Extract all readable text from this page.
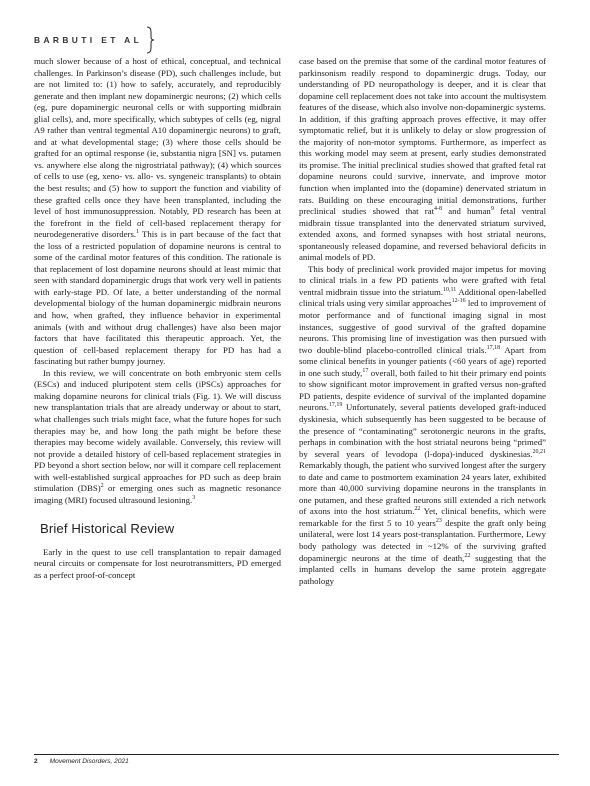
BARBUTI ET AL

much slower because of a host of ethical, conceptual, and technical challenges. In Parkinson’s disease (PD), such challenges include, but are not limited to: (1) how to safely, accurately, and reproducibly generate and then implant new dopaminergic neurons; (2) which cells (eg, pure dopaminergic neuronal cells or with supporting midbrain glial cells), and, more specifically, which subtypes of cells (eg, nigral A9 rather than ventral tegmental A10 dopaminergic neurons) to graft, and at what developmental stage; (3) where those cells should be grafted for an optimal response (ie, substantia nigra [SN] vs. putamen vs. anywhere else along the nigrostriatal pathway); (4) which sources of cells to use (eg, xeno- vs. allo- vs. syngeneic transplants) to obtain the best results; and (5) how to support the function and viability of these grafted cells once they have been transplanted, including the level of host immunosuppression. Notably, PD research has been at the forefront in the field of cell-based replacement therapy for neurodegenerative disorders.$^1$ This is in part because of the fact that the loss of a restricted population of dopamine neurons is central to some of the cardinal motor features of this condition. The rationale is that replacement of lost dopamine neurons should at least mimic that seen with standard dopaminergic drugs that work very well in patients with early-stage PD. Of late, a better understanding of the normal developmental biology of the human dopaminergic midbrain neurons and how, when grafted, they influence behavior in experimental animals (with and without drug challenges) have also been major factors that have facilitated this therapeutic approach. Yet, the question of cell-based replacement therapy for PD has had a fascinating but rather bumpy journey.

In this review, we will concentrate on both embryonic stem cells (ESCs) and induced pluripotent stem cells (iPSCs) approaches for making dopamine neurons for clinical trials (Fig. 1). We will discuss new transplantation trials that are already underway or about to start, what challenges such trials might face, what the future hopes for such therapies may be, and how long the path might be before these therapies may become widely available. Conversely, this review will not provide a detailed history of cell-based replacement strategies in PD beyond a short section below, nor will it compare cell replacement with well-established surgical approaches for PD such as deep brain stimulation (DBS)$^2$ or emerging ones such as magnetic resonance imaging (MRI) focused ultrasound lesioning.$^3$

Brief Historical Review

Early in the quest to use cell transplantation to repair damaged neural circuits or compensate for lost neurotransmitters, PD emerged as a perfect proof-of-concept

case based on the premise that some of the cardinal motor features of parkinsonism readily respond to dopaminergic drugs. Today, our understanding of PD neuropathology is deeper, and it is clear that dopamine cell replacement does not take into account the multisystem features of the disease, which also involve non-dopaminergic systems. In addition, if this grafting approach proves effective, it may offer symptomatic relief, but it is unlikely to delay or slow progression of the majority of non-motor symptoms. Furthermore, as imperfect as this working model may seem at present, early studies demonstrated its promise. The initial preclinical studies showed that grafted fetal rat dopamine neurons could survive, innervate, and improve motor function when implanted into the (dopamine) denervated striatum in rats. Building on these encouraging initial demonstrations, further preclinical studies showed that rat$^{4-8}$ and human$^9$ fetal ventral midbrain tissue transplanted into the denervated striatum survived, extended axons, and formed synapses with host striatal neurons, spontaneously released dopamine, and reversed behavioral deficits in animal models of PD.

This body of preclinical work provided major impetus for moving to clinical trials in a few PD patients who were grafted with fetal ventral midbrain tissue into the striatum.$^{10,11}$ Additional open-labelled clinical trials using very similar approaches$^{12-16}$ led to improvement of motor performance and of functional imaging signal in most instances, suggestive of good survival of the grafted dopamine neurons. This promising line of investigation was then pursued with two double-blind placebo-controlled clinical trials.$^{17,18}$ Apart from some clinical benefits in younger patients (<60 years of age) reported in one such study,$^{17}$ overall, both failed to hit their primary end points to show significant motor improvement in grafted versus non-grafted PD patients, despite evidence of survival of the implanted dopamine neurons.$^{17,19}$ Unfortunately, several patients developed graft-induced dyskinesia, which subsequently has been suggested to be because of the presence of “contaminating” serotonergic neurons in the grafts, perhaps in combination with the host striatal neurons being “primed” by several years of levodopa (l-dopa)-induced dyskinesias.$^{20,21}$ Remarkably though, the patient who survived longest after the surgery to date and came to postmortem examination 24 years later, exhibited more than 40,000 surviving dopamine neurons in the transplants in one putamen, and these grafted neurons still extended a rich network of axons into the host striatum.$^{22}$ Yet, clinical benefits, which were remarkable for the first 5 to 10 years$^{23}$ despite the graft only being unilateral, were lost 14 years post-transplantation. Furthermore, Lewy body pathology was detected in ~12% of the surviving grafted dopaminergic neurons at the time of death,$^{22}$ suggesting that the implanted cells in humans develop the same protein aggregate pathology

2 Movement Disorders, 2021
